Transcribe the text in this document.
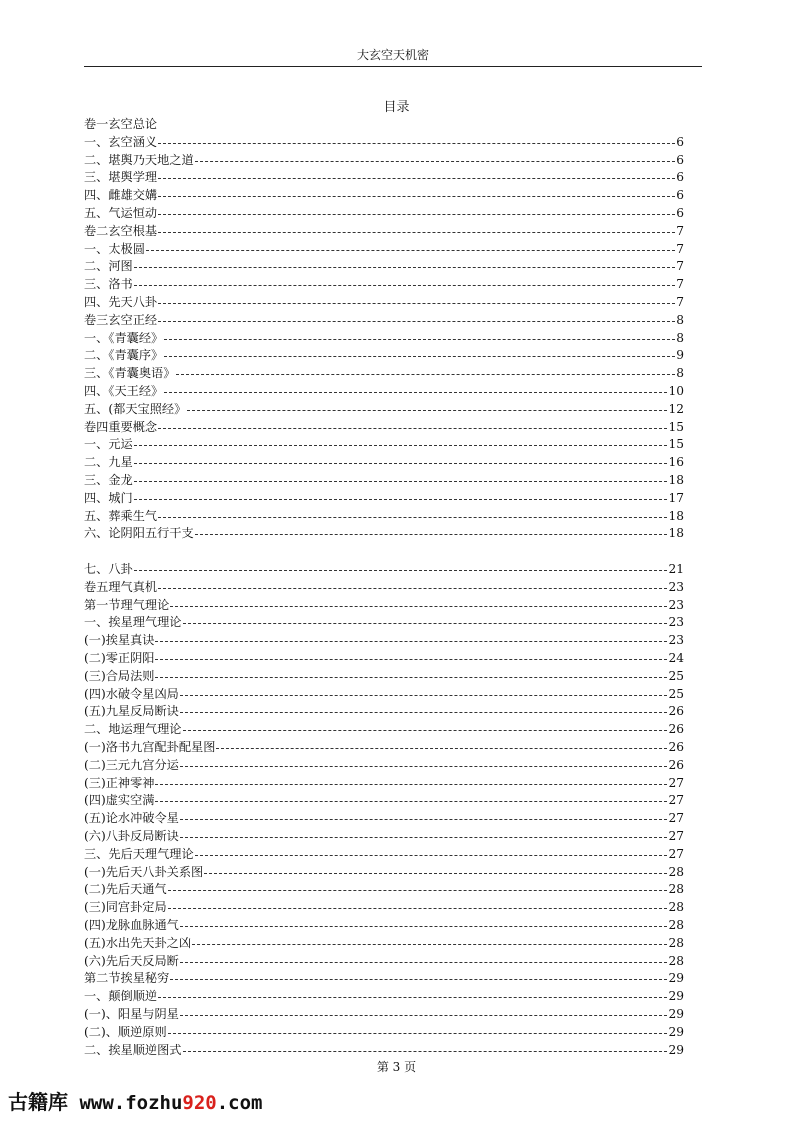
大玄空天机密
目录
卷一玄空总论
一、玄空涵义	6
二、堪舆乃天地之道	6
三、堪舆学理	6
四、雌雄交媾	6
五、气运恒动	6
卷二玄空根基	7
一、太极圆	7
二、河图	7
三、洛书	7
四、先天八卦	7
卷三玄空正经	8
一、《青囊经》	8
二、《青囊序》	9
三、《青囊奥语》	8
四、《天王经》	10
五、(都天宝照经》	12
卷四重要概念	15
一、元运	15
二、九星	16
三、金龙	18
四、城门	17
五、葬乘生气	18
六、论阴阳五行干支	18
七、八卦	21
卷五理气真机	23
第一节理气理论	23
一、挨星理气理论	23
(一)挨星真诀	23
(二)零正阴阳	24
(三)合局法则	25
(四)水破令星凶局	25
(五)九星反局断诀	26
二、地运理气理论	26
(一)洛书九宫配卦配星图	26
(二)三元九宫分运	26
(三)正神零神	27
(四)虚实空满	27
(五)论水冲破令星	27
(六)八卦反局断诀	27
三、先后天理气理论	27
(一)先后天八卦关系图	28
(二)先后天通气	28
(三)同宫卦定局	28
(四)龙脉血脉通气	28
(五)水出先天卦之凶	28
(六)先后天反局断	28
第二节挨星秘穷	29
一、颠倒顺逆	29
(一)、阳星与阴星	29
(二)、顺逆原则	29
二、挨星顺逆图式	29
第 3 页
古籍库 www.fozhu920.com
